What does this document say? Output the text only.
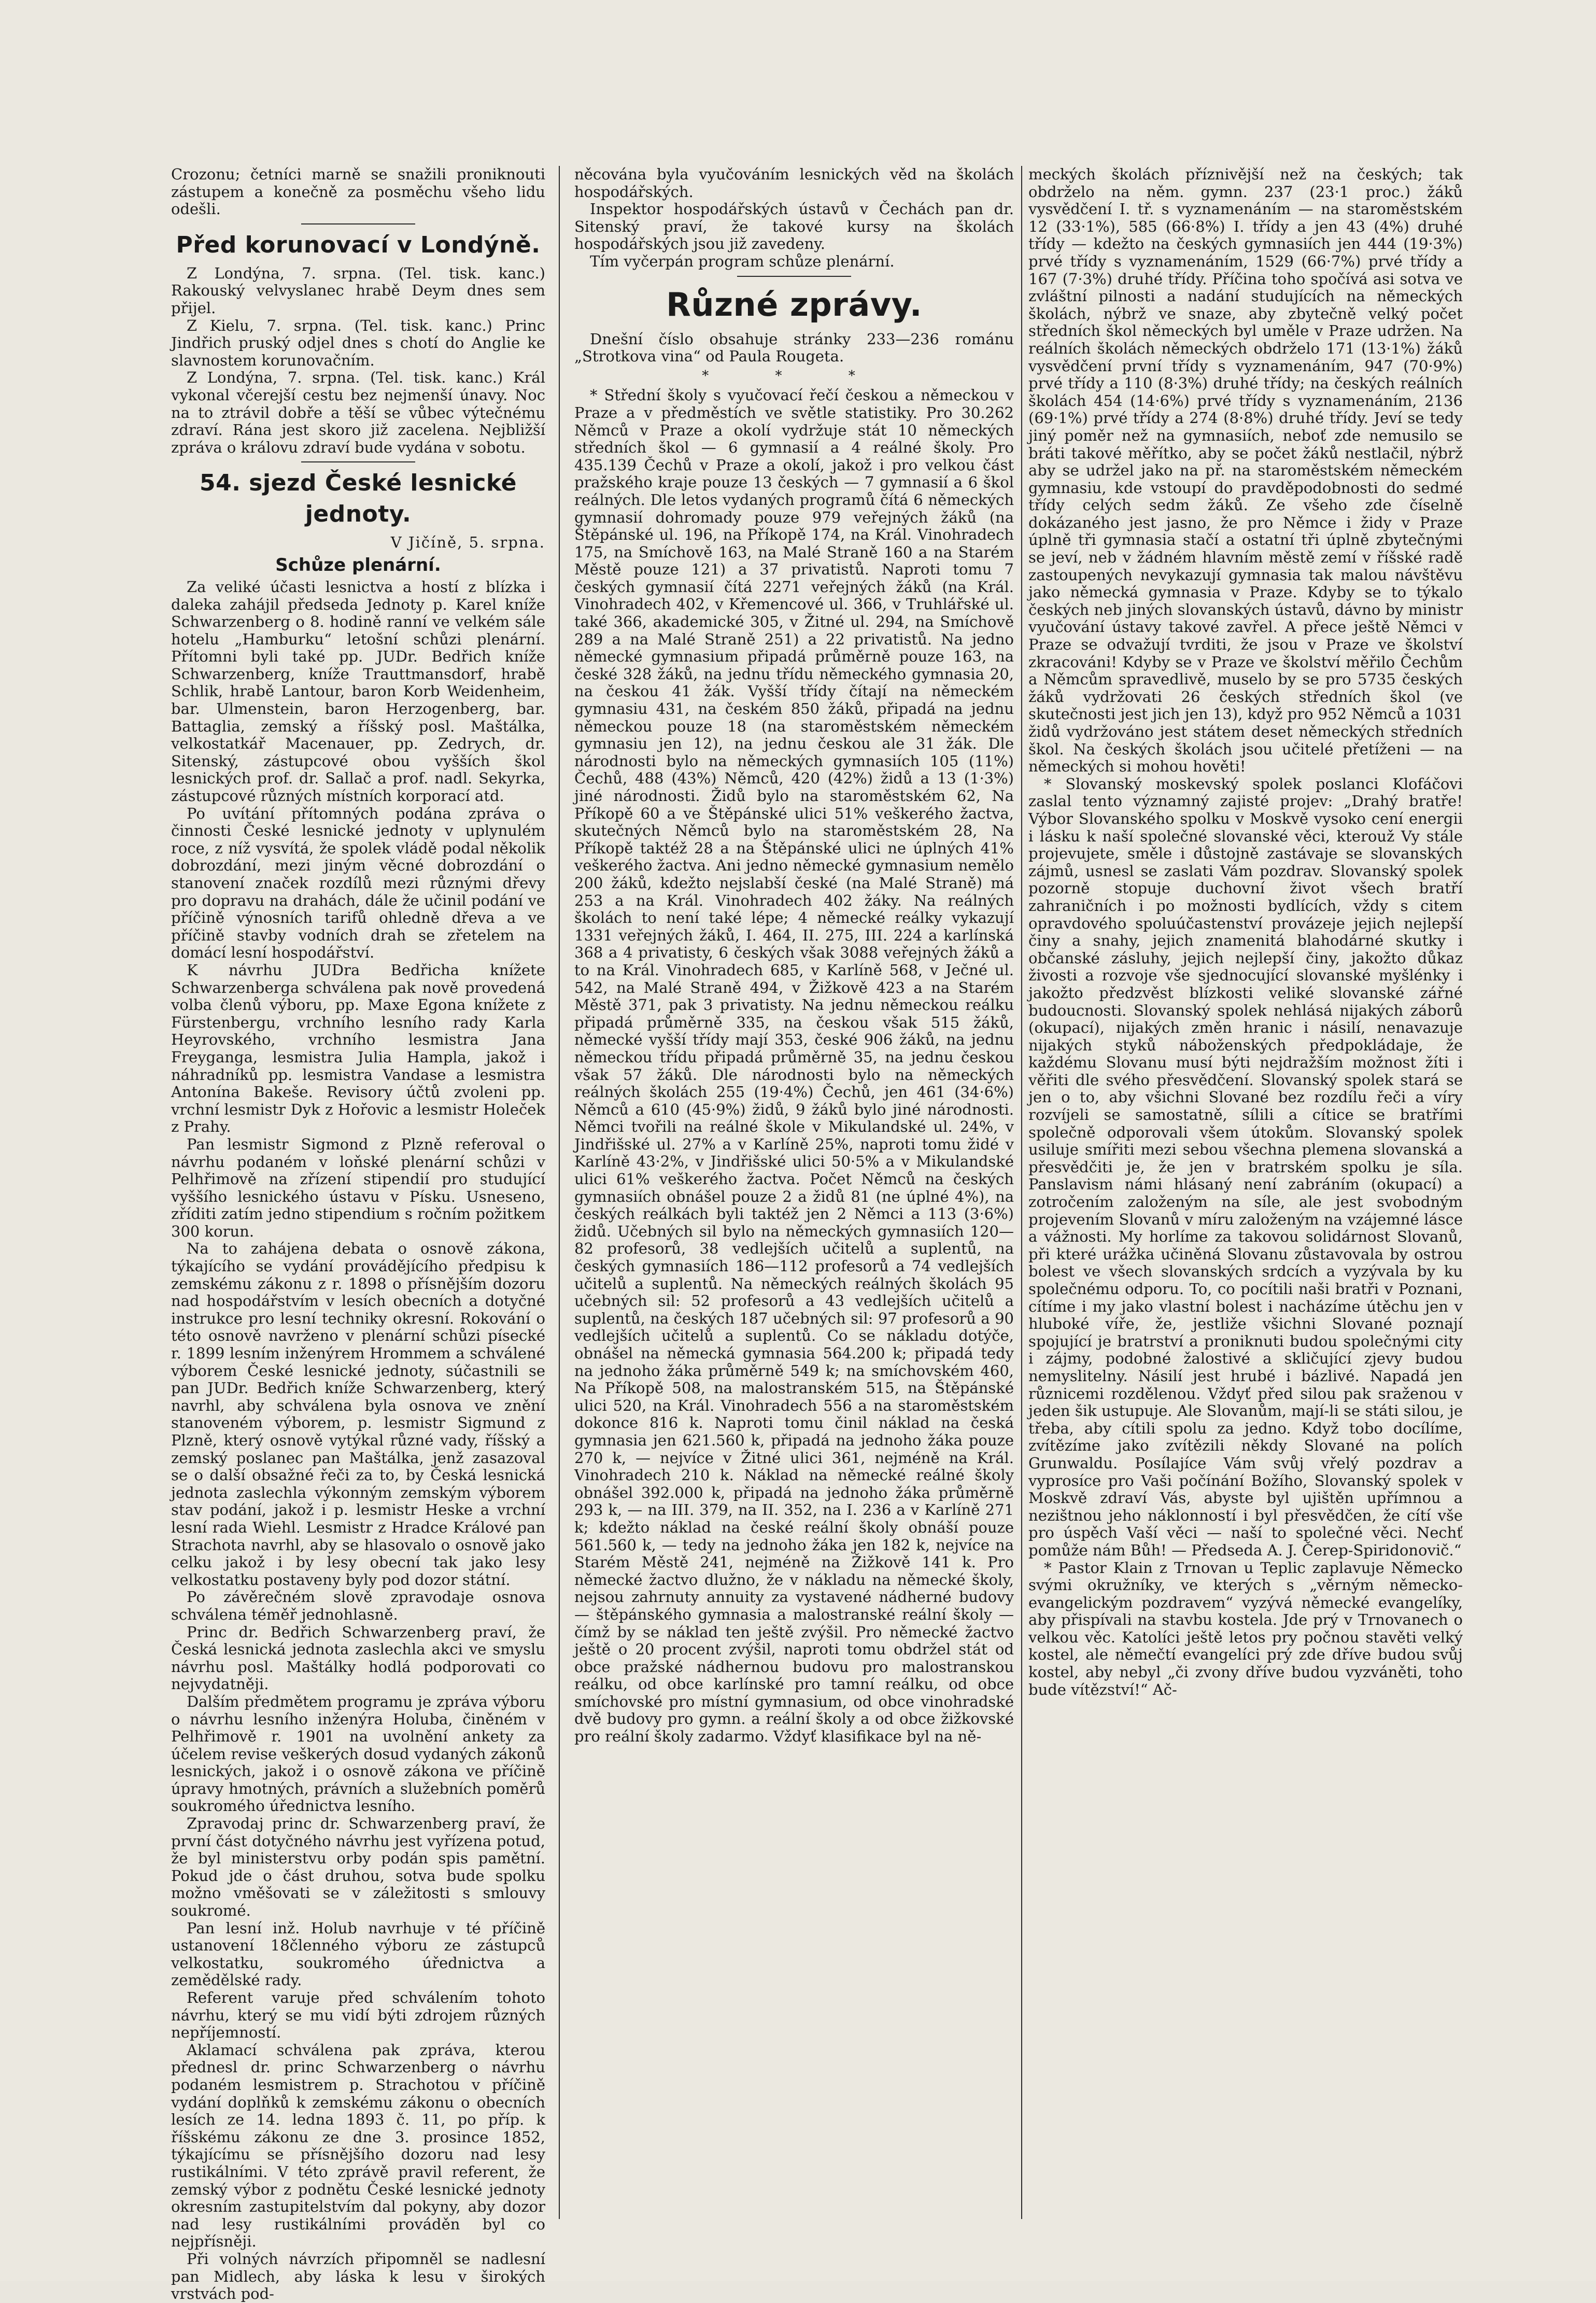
Crozonu; četníci marně se snažili proniknouti zástupem a konečně za posměchu všeho lidu odešli.

Před korunovací v Londýně.

Z Londýna, 7. srpna. (Tel. tisk. kanc.) Rakouský velvyslanec hrabě Deym dnes sem přijel.

Z Kielu, 7. srpna. (Tel. tisk. kanc.) Princ Jindřich pruský odjel dnes s chotí do Anglie ke slavnostem korunovačním.

Z Londýna, 7. srpna. (Tel. tisk. kanc.) Král vykonal včerejší cestu bez nejmenší únavy. Noc na to ztrávil dobře a těší se vůbec výtečnému zdraví. Rána jest skoro již zacelena. Nejbližší zpráva o královu zdraví bude vydána v sobotu.

54. sjezd České lesnické jednoty.

V Jičíně, 5. srpna.

Schůze plenární.

Za veliké účasti lesnictva a hostí z blízka i daleka zahájil předseda Jednoty p. Karel kníže Schwarzenberg o 8. hodině ranní ve velkém sále hotelu „Hamburku“ letošní schůzi plenární. Přítomni byli také pp. JUDr. Bedřich kníže Schwarzenberg, kníže Trauttmansdorf, hrabě Schlik, hrabě Lantour, baron Korb Weidenheim, bar. Ulmenstein, baron Herzogenberg, bar. Battaglia, zemský a říšský posl. Maštálka, velkostatkář Macenauer, pp. Zedrych, dr. Sitenský, zástupcové obou vyšších škol lesnických prof. dr. Sallač a prof. nadl. Sekyrka, zástupcové různých místních korporací atd.

Po uvítání přítomných podána zpráva o činnosti České lesnické jednoty v uplynulém roce, z níž vysvítá, že spolek vládě podal několik dobrozdání, mezi jiným věcné dobrozdání o stanovení značek rozdílů mezi různými dřevy pro dopravu na drahách, dále že učinil podání ve příčině výnosních tarifů ohledně dřeva a ve příčině stavby vodních drah se zřetelem na domácí lesní hospodářství.

K návrhu JUDra Bedřicha knížete Schwarzenberga schválena pak nově provedená volba členů výboru, pp. Maxe Egona knížete z Fürstenbergu, vrchního lesního rady Karla Heyrovského, vrchního lesmistra Jana Freyganga, lesmistra Julia Hampla, jakož i náhradníků pp. lesmistra Vandase a lesmistra Antonína Bakeše. Revisory účtů zvoleni pp. vrchní lesmistr Dyk z Hořovic a lesmistr Holeček z Prahy.

Pan lesmistr Sigmond z Plzně referoval o návrhu podaném v loňské plenární schůzi v Pelhřimově na zřízení stipendií pro studující vyššího lesnického ústavu v Písku. Usneseno, zříditi zatím jedno stipendium s ročním požitkem 300 korun.

Na to zahájena debata o osnově zákona, týkajícího se vydání provádějícího předpisu k zemskému zákonu z r. 1898 o přísnějším dozoru nad hospodářstvím v lesích obecních a dotyčné instrukce pro lesní techniky okresní. Rokování o této osnově navrženo v plenární schůzi písecké r. 1899 lesním inženýrem Hrommem a schválené výborem České lesnické jednoty, súčastnili se pan JUDr. Bedřich kníže Schwarzenberg, který navrhl, aby schválena byla osnova ve znění stanoveném výborem, p. lesmistr Sigmund z Plzně, který osnově vytýkal různé vady, říšský a zemský poslanec pan Maštálka, jenž zasazoval se o další obsažné řeči za to, by Česká lesnická jednota zaslechla výkonným zemským výborem stav podání, jakož i p. lesmistr Heske a vrchní lesní rada Wiehl. Lesmistr z Hradce Králové pan Strachota navrhl, aby se hlasovalo o osnově jako celku jakož i by lesy obecní tak jako lesy velkostatku postaveny byly pod dozor státní.

Po závěrečném slově zpravodaje osnova schválena téměř jednohlasně.

Princ dr. Bedřich Schwarzenberg praví, že Česká lesnická jednota zaslechla akci ve smyslu návrhu posl. Maštálky hodlá podporovati co nejvydatněji.

Dalším předmětem programu je zpráva výboru o návrhu lesního inženýra Holuba, činěném v Pelhřimově r. 1901 na uvolnění ankety za účelem revise veškerých dosud vydaných zákonů lesnických, jakož i o osnově zákona ve příčině úpravy hmotných, právních a služebních poměrů soukromého úřednictva lesního.

Zpravodaj princ dr. Schwarzenberg praví, že první část dotyčného návrhu jest vyřízena potud, že byl ministerstvu orby podán spis pamětní. Pokud jde o část druhou, sotva bude spolku možno vměšovati se v záležitosti s smlouvy soukromé.

Pan lesní inž. Holub navrhuje v té příčině ustanovení 18členného výboru ze zástupců velkostatku, soukromého úřednictva a zemědělské rady.

Referent varuje před schválením tohoto návrhu, který se mu vidí býti zdrojem různých nepříjemností.

Aklamací schválena pak zpráva, kterou přednesl dr. princ Schwarzenberg o návrhu podaném lesmistrem p. Strachotou v příčině vydání doplňků k zemskému zákonu o obecních lesích ze 14. ledna 1893 č. 11, po příp. k říšskému zákonu ze dne 3. prosince 1852, týkajícímu se přísnějšího dozoru nad lesy rustikálními. V této zprávě pravil referent, že zemský výbor z podnětu České lesnické jednoty okresním zastupitelstvím dal pokyny, aby dozor nad lesy rustikálními prováděn byl co nejpřísněji.

Při volných návrzích připomněl se nadlesní pan Midlech, aby láska k lesu v širokých vrstvách pod-

něcována byla vyučováním lesnických věd na školách hospodářských.

Inspektor hospodářských ústavů v Čechách pan dr. Sitenský praví, že takové kursy na školách hospodářských jsou již zavedeny.

Tím vyčerpán program schůze plenární.

Různé zprávy.

Dnešní číslo obsahuje stránky 233—236 románu „Strotkova vina“ od Paula Rougeta.

* * *

* Střední školy s vyučovací řečí českou a německou v Praze a v předměstích ve světle statistiky. Pro 30.262 Němců v Praze a okolí vydržuje stát 10 německých středních škol — 6 gymnasií a 4 reálné školy. Pro 435.139 Čechů v Praze a okolí, jakož i pro velkou část pražského kraje pouze 13 českých — 7 gymnasií a 6 škol reálných. Dle letos vydaných programů čítá 6 německých gymnasií dohromady pouze 979 veřejných žáků (na Štěpánské ul. 196, na Příkopě 174, na Král. Vinohradech 175, na Smíchově 163, na Malé Straně 160 a na Starém Městě pouze 121) a 37 privatistů. Naproti tomu 7 českých gymnasií čítá 2271 veřejných žáků (na Král. Vinohradech 402, v Křemencové ul. 366, v Truhlářské ul. také 366, akademické 305, v Žitné ul. 294, na Smíchově 289 a na Malé Straně 251) a 22 privatistů. Na jedno německé gymnasium připadá průměrně pouze 163, na české 328 žáků, na jednu třídu německého gymnasia 20, na českou 41 žák. Vyšší třídy čítají na německém gymnasiu 431, na českém 850 žáků, připadá na jednu německou pouze 18 (na staroměstském německém gymnasiu jen 12), na jednu českou ale 31 žák. Dle národnosti bylo na německých gymnasiích 105 (11%) Čechů, 488 (43%) Němců, 420 (42%) židů a 13 (1·3%) jiné národnosti. Židů bylo na staroměstském 62, Na Příkopě 60 a ve Štěpánské ulici 51% veškerého žactva, skutečných Němců bylo na staroměstském 28, Na Příkopě taktéž 28 a na Štěpánské ulici ne úplných 41% veškerého žactva. Ani jedno německé gymnasium nemělo 200 žáků, kdežto nejslabší české (na Malé Straně) má 253 a na Král. Vinohradech 402 žáky. Na reálných školách to není také lépe; 4 německé reálky vykazují 1331 veřejných žáků, I. 464, II. 275, III. 224 a karlínská 368 a 4 privatisty, 6 českých však 3088 veřejných žáků a to na Král. Vinohradech 685, v Karlíně 568, v Ječné ul. 542, na Malé Straně 494, v Žižkově 423 a na Starém Městě 371, pak 3 privatisty. Na jednu německou reálku připadá průměrně 335, na českou však 515 žáků, německé vyšší třídy mají 353, české 906 žáků, na jednu německou třídu připadá průměrně 35, na jednu českou však 57 žáků. Dle národnosti bylo na německých reálných školách 255 (19·4%) Čechů, jen 461 (34·6%) Němců a 610 (45·9%) židů, 9 žáků bylo jiné národnosti. Němci tvořili na reálné škole v Mikulandské ul. 24%, v Jindřišské ul. 27% a v Karlíně 25%, naproti tomu židé v Karlíně 43·2%, v Jindřišské ulici 50·5% a v Mikulandské ulici 61% veškerého žactva. Počet Němců na českých gymnasiích obnášel pouze 2 a židů 81 (ne úplné 4%), na českých reálkách byli taktéž jen 2 Němci a 113 (3·6%) židů. Učebných sil bylo na německých gymnasiích 120—82 profesorů, 38 vedlejších učitelů a suplentů, na českých gymnasiích 186—112 profesorů a 74 vedlejších učitelů a suplentů. Na německých reálných školách 95 učebných sil: 52 profesorů a 43 vedlejších učitelů a suplentů, na českých 187 učebných sil: 97 profesorů a 90 vedlejších učitelů a suplentů. Co se nákladu dotýče, obnášel na německá gymnasia 564.200 k; připadá tedy na jednoho žáka průměrně 549 k; na smíchovském 460, Na Příkopě 508, na malostranském 515, na Štěpánské ulici 520, na Král. Vinohradech 556 a na staroměstském dokonce 816 k. Naproti tomu činil náklad na česká gymnasia jen 621.560 k, připadá na jednoho žáka pouze 270 k, — nejvíce v Žitné ulici 361, nejméně na Král. Vinohradech 210 k. Náklad na německé reálné školy obnášel 392.000 k, připadá na jednoho žáka průměrně 293 k, — na III. 379, na II. 352, na I. 236 a v Karlíně 271 k; kdežto náklad na české reální školy obnáší pouze 561.560 k, — tedy na jednoho žáka jen 182 k, nejvíce na Starém Městě 241, nejméně na Žižkově 141 k. Pro německé žactvo dlužno, že v nákladu na německé školy, nejsou zahrnuty annuity za vystavené nádherné budovy — štěpánského gymnasia a malostranské reální školy — čímž by se náklad ten ještě zvýšil. Pro německé žactvo ještě o 20 procent zvýšil, naproti tomu obdržel stát od obce pražské nádhernou budovu pro malostranskou reálku, od obce karlínské pro tamní reálku, od obce smíchovské pro místní gymnasium, od obce vinohradské dvě budovy pro gymn. a reální školy a od obce žižkovské pro reální školy zadarmo. Vždyť klasifikace byl na ně-

meckých školách příznivější než na českých; tak obdrželo na něm. gymn. 237 (23·1 proc.) žáků vysvědčení I. tř. s vyznamenáním — na staroměstském 12 (33·1%), 585 (66·8%) I. třídy a jen 43 (4%) druhé třídy — kdežto na českých gymnasiích jen 444 (19·3%) prvé třídy s vyznamenáním, 1529 (66·7%) prvé třídy a 167 (7·3%) druhé třídy. Příčina toho spočívá asi sotva ve zvláštní pilnosti a nadání studujících na německých školách, nýbrž ve snaze, aby zbytečně velký počet středních škol německých byl uměle v Praze udržen. Na reálních školách německých obdrželo 171 (13·1%) žáků vysvědčení první třídy s vyznamenáním, 947 (70·9%) prvé třídy a 110 (8·3%) druhé třídy; na českých reálních školách 454 (14·6%) prvé třídy s vyznamenáním, 2136 (69·1%) prvé třídy a 274 (8·8%) druhé třídy. Jeví se tedy jiný poměr než na gymnasiích, neboť zde nemusilo se bráti takové měřítko, aby se počet žáků nestlačil, nýbrž aby se udržel jako na př. na staroměstském německém gymnasiu, kde vstoupí do pravděpodobnosti do sedmé třídy celých sedm žáků. Ze všeho zde číselně dokázaného jest jasno, že pro Němce i židy v Praze úplně tři gymnasia stačí a ostatní tři úplně zbytečnými se jeví, neb v žádném hlavním městě zemí v říšské radě zastoupených nevykazují gymnasia tak malou návštěvu jako německá gymnasia v Praze. Kdyby se to týkalo českých neb jiných slovanských ústavů, dávno by ministr vyučování ústavy takové zavřel. A přece ještě Němci v Praze se odvažují tvrditi, že jsou v Praze ve školství zkracováni! Kdyby se v Praze ve školství měřilo Čechům a Němcům spravedlivě, muselo by se pro 5735 českých žáků vydržovati 26 českých středních škol (ve skutečnosti jest jich jen 13), když pro 952 Němců a 1031 židů vydržováno jest státem deset německých středních škol. Na českých školách jsou učitelé přetíženi — na německých si mohou hověti!

* Slovanský moskevský spolek poslanci Klofáčovi zaslal tento významný zajisté projev: „Drahý bratře! Výbor Slovanského spolku v Moskvě vysoko cení energii i lásku k naší společné slovanské věci, kterouž Vy stále projevujete, směle i důstojně zastávaje se slovanských zájmů, usnesl se zaslati Vám pozdrav. Slovanský spolek pozorně stopuje duchovní život všech bratří zahraničních i po možnosti bydlících, vždy s citem opravdového spoluúčastenství provázeje jejich nejlepší činy a snahy, jejich znamenitá blahodárné skutky i občanské zásluhy, jejich nejlepší činy, jakožto důkaz živosti a rozvoje vše sjednocující slovanské myšlénky i jakožto předzvěst blízkosti veliké slovanské zářné budoucnosti. Slovanský spolek nehlásá nijakých záborů (okupací), nijakých změn hranic i násilí, nenavazuje nijakých styků náboženských předpokládaje, že každému Slovanu musí býti nejdražším možnost žíti i věřiti dle svého přesvědčení. Slovanský spolek stará se jen o to, aby všichni Slované bez rozdílu řeči a víry rozvíjeli se samostatně, sílili a cítice se bratřími společně odporovali všem útokům. Slovanský spolek usiluje smířiti mezi sebou všechna plemena slovanská a přesvědčiti je, že jen v bratrském spolku je síla. Panslavism námi hlásaný není zabráním (okupací) a zotročením založeným na síle, ale jest svobodným projevením Slovanů v míru založeným na vzájemné lásce a vážnosti. My horlíme za takovou solidárnost Slovanů, při které urážka učiněná Slovanu zůstavovala by ostrou bolest ve všech slovanských srdcích a vyzývala by ku společnému odporu. To, co pocítili naši bratři v Poznani, cítíme i my jako vlastní bolest i nacházíme útěchu jen v hluboké víře, že, jestliže všichni Slované poznají spojující je bratrství a proniknuti budou společnými city i zájmy, podobné žalostivé a skličující zjevy budou nemyslitelny. Násilí jest hrubé i bázlivé. Napadá jen různicemi rozdělenou. Vždyť před silou pak sraženou v jeden šik ustupuje. Ale Slovanům, mají-li se státi silou, je třeba, aby cítili spolu za jedno. Když tobo docílíme, zvítězíme jako zvítězili někdy Slované na polích Grunwaldu. Posílajíce Vám svůj vřelý pozdrav a vyprosíce pro Vaši počínání Božího, Slovanský spolek v Moskvě zdraví Vás, abyste byl ujištěn upřímnou a nezištnou jeho náklonností i byl přesvědčen, že cítí vše pro úspěch Vaší věci — naší to společné věci. Nechť pomůže nám Bůh! — Předseda A. J. Čerep-Spiridonovič.“

* Pastor Klain z Trnovan u Teplic zaplavuje Německo svými okružníky, ve kterých s „věrným německo-evangelickým pozdravem“ vyzývá německé evangelíky, aby přispívali na stavbu kostela. Jde prý v Trnovanech o velkou věc. Katolíci ještě letos pry počnou stavěti velký kostel, ale němečtí evangelíci prý zde dříve budou svůj kostel, aby nebyl „či zvony dříve budou vyzváněti, toho bude vítězství!“ Ač-
